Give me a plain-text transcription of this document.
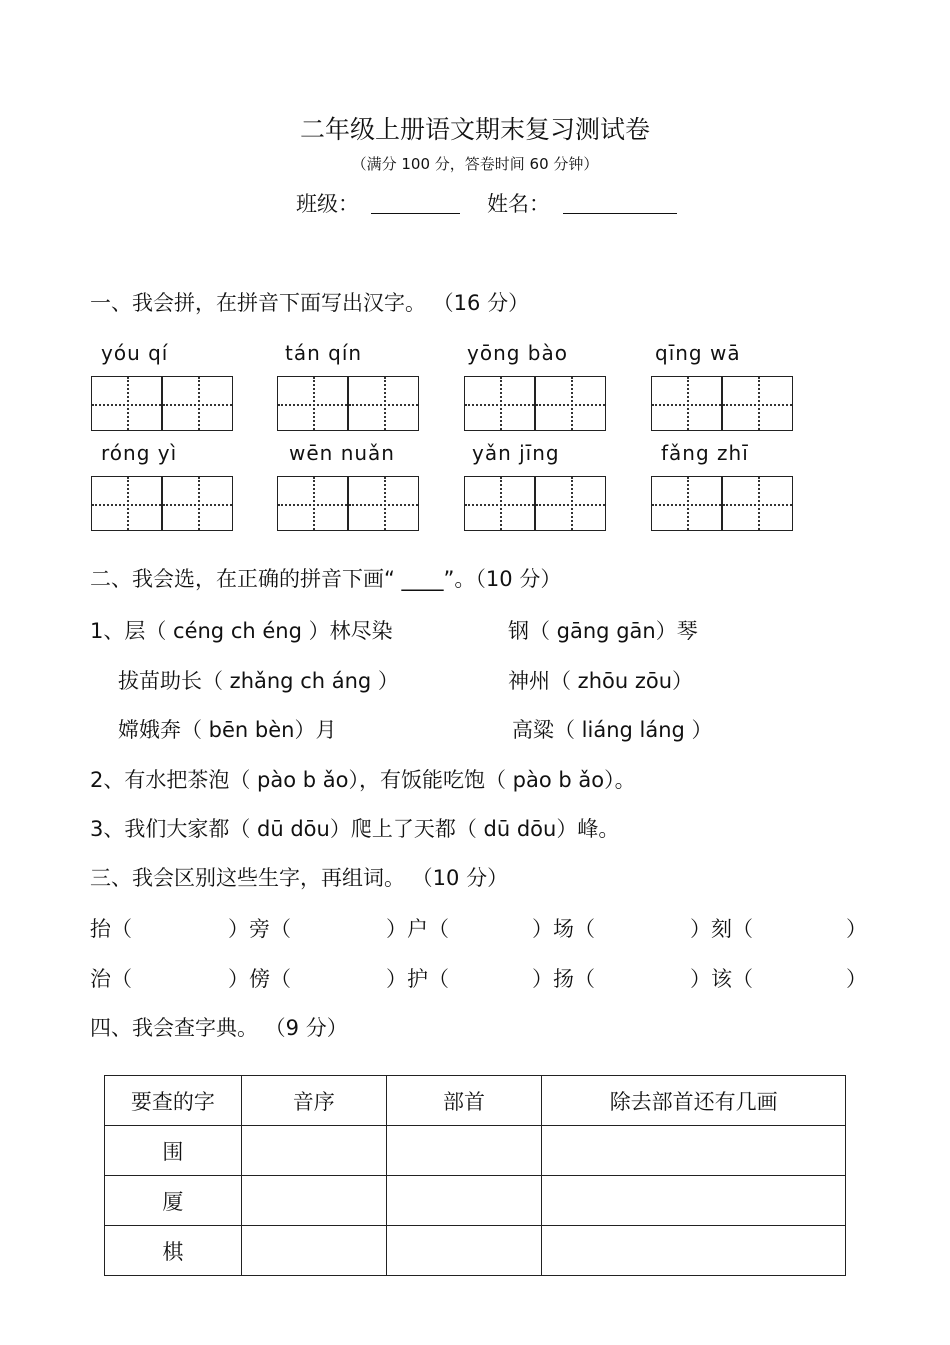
二年级上册语文期末复习测试卷
（满分 100 分，答卷时间 60 分钟）
班级：	姓名：
一、我会拼，在拼音下面写出汉字。 （16 分）
yóu qí	tán qín	yōng bào	qīng wā
róng yì	wēn nuǎn	yǎn jīng	fǎng zhī
二、我会选，在正确的拼音下画“ ____”。（10 分）
1、层（ céng ch éng ）林尽染	钢（ gāng gān）琴
拔苗助长（ zhǎng ch áng ）	神州（ zhōu zōu）
嫦娥奔（ bēn bèn）月	高粱（ liáng láng ）
2、有水把茶泡（ pào b ǎo），有饭能吃饱（ pào b ǎo）。
3、我们大家都（ dū dōu）爬上了天都（ dū dōu）峰。
三、我会区别这些生字，再组词。 （10 分）
抬（	）旁（	）户（	）场（	）刻（	）
治（	）傍（	）护（	）扬（	）该（	）
四、我会查字典。 （9 分）
要查的字	音序	部首	除去部首还有几画
围			
厦			
棋			
